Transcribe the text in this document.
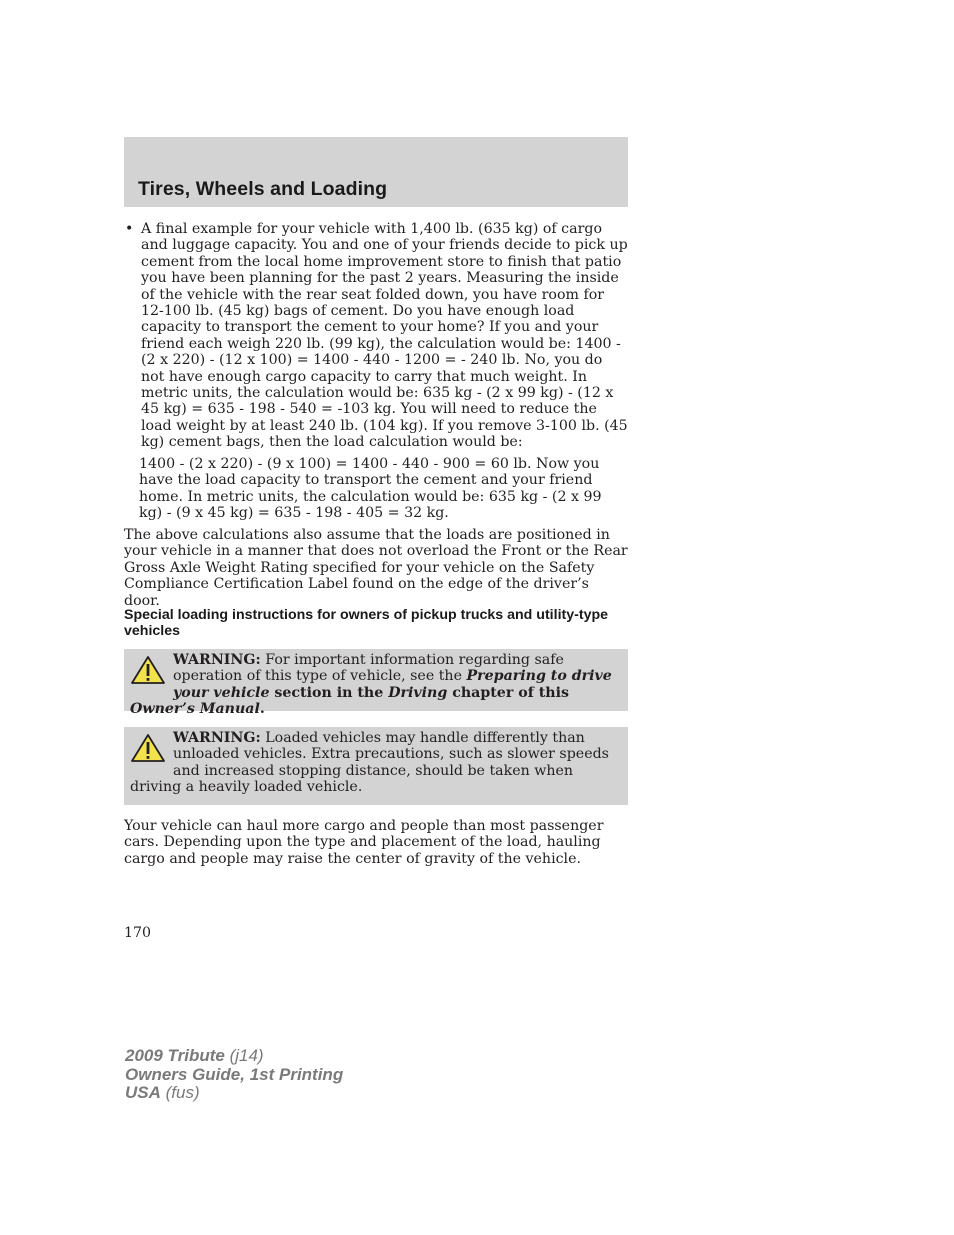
Tires, Wheels and Loading
• A final example for your vehicle with 1,400 lb. (635 kg) of cargo and luggage capacity. You and one of your friends decide to pick up cement from the local home improvement store to finish that patio you have been planning for the past 2 years. Measuring the inside of the vehicle with the rear seat folded down, you have room for 12-100 lb. (45 kg) bags of cement. Do you have enough load capacity to transport the cement to your home? If you and your friend each weigh 220 lb. (99 kg), the calculation would be: 1400 - (2 x 220) - (12 x 100) = 1400 - 440 - 1200 = - 240 lb. No, you do not have enough cargo capacity to carry that much weight. In metric units, the calculation would be: 635 kg - (2 x 99 kg) - (12 x 45 kg) = 635 - 198 - 540 = -103 kg. You will need to reduce the load weight by at least 240 lb. (104 kg). If you remove 3-100 lb. (45 kg) cement bags, then the load calculation would be:
1400 - (2 x 220) - (9 x 100) = 1400 - 440 - 900 = 60 lb. Now you have the load capacity to transport the cement and your friend home. In metric units, the calculation would be: 635 kg - (2 x 99 kg) - (9 x 45 kg) = 635 - 198 - 405 = 32 kg.
The above calculations also assume that the loads are positioned in your vehicle in a manner that does not overload the Front or the Rear Gross Axle Weight Rating specified for your vehicle on the Safety Compliance Certification Label found on the edge of the driver’s door.
Special loading instructions for owners of pickup trucks and utility-type vehicles
WARNING: For important information regarding safe operation of this type of vehicle, see the Preparing to drive your vehicle section in the Driving chapter of this Owner’s Manual.
WARNING: Loaded vehicles may handle differently than unloaded vehicles. Extra precautions, such as slower speeds and increased stopping distance, should be taken when driving a heavily loaded vehicle.
Your vehicle can haul more cargo and people than most passenger cars. Depending upon the type and placement of the load, hauling cargo and people may raise the center of gravity of the vehicle.
170
2009 Tribute (j14)
Owners Guide, 1st Printing
USA (fus)
